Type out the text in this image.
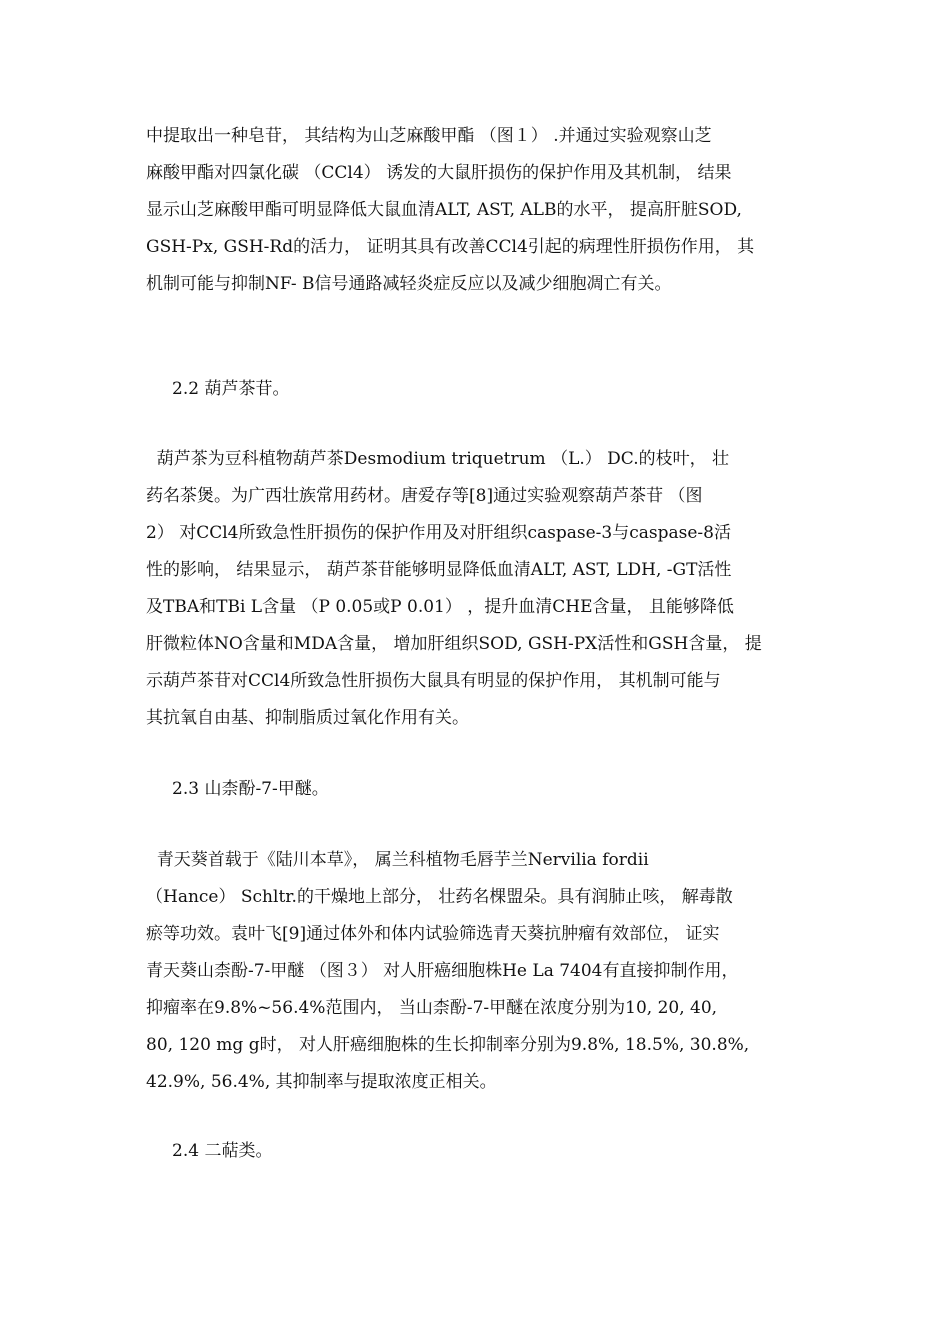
中提取出一种皂苷， 其结构为山芝麻酸甲酯 （图１） .并通过实验观察山芝
麻酸甲酯对四氯化碳 （CCl4） 诱发的大鼠肝损伤的保护作用及其机制， 结果
显示山芝麻酸甲酯可明显降低大鼠血清ALT, AST, ALB的水平， 提高肝脏SOD,
GSH-Px, GSH-Rd的活力， 证明其具有改善CCl4引起的病理性肝损伤作用， 其
机制可能与抑制NF- B信号通路减轻炎症反应以及减少细胞凋亡有关。
2.2 葫芦茶苷。
葫芦茶为豆科植物葫芦茶Desmodium triquetrum （L.） DC.的枝叶， 壮
药名茶煲。为广西壮族常用药材。唐爱存等[8]通过实验观察葫芦茶苷 （图
2） 对CCl4所致急性肝损伤的保护作用及对肝组织caspase-3与caspase-8活
性的影响， 结果显示， 葫芦茶苷能够明显降低血清ALT, AST, LDH, -GT活性
及TBA和TBi L含量 （P 0.05或P 0.01） ，提升血清CHE含量， 且能够降低
肝微粒体NO含量和MDA含量， 增加肝组织SOD, GSH-PX活性和GSH含量， 提
示葫芦茶苷对CCl4所致急性肝损伤大鼠具有明显的保护作用， 其机制可能与
其抗氧自由基、抑制脂质过氧化作用有关。
2.3 山柰酚-7-甲醚。
青天葵首载于《陆川本草》， 属兰科植物毛唇芋兰Nervilia fordii
（Hance） Schltr.的干燥地上部分， 壮药名棵盟朵。具有润肺止咳， 解毒散
瘀等功效。袁叶飞[9]通过体外和体内试验筛选青天葵抗肿瘤有效部位， 证实
青天葵山柰酚-7-甲醚 （图３） 对人肝癌细胞株He La 7404有直接抑制作用，
抑瘤率在9.8%~56.4%范围内， 当山柰酚-7-甲醚在浓度分别为10, 20, 40,
80, 120 mg g时， 对人肝癌细胞株的生长抑制率分别为9.8%, 18.5%, 30.8%,
42.9%, 56.4%, 其抑制率与提取浓度正相关。
2.4 二萜类。
